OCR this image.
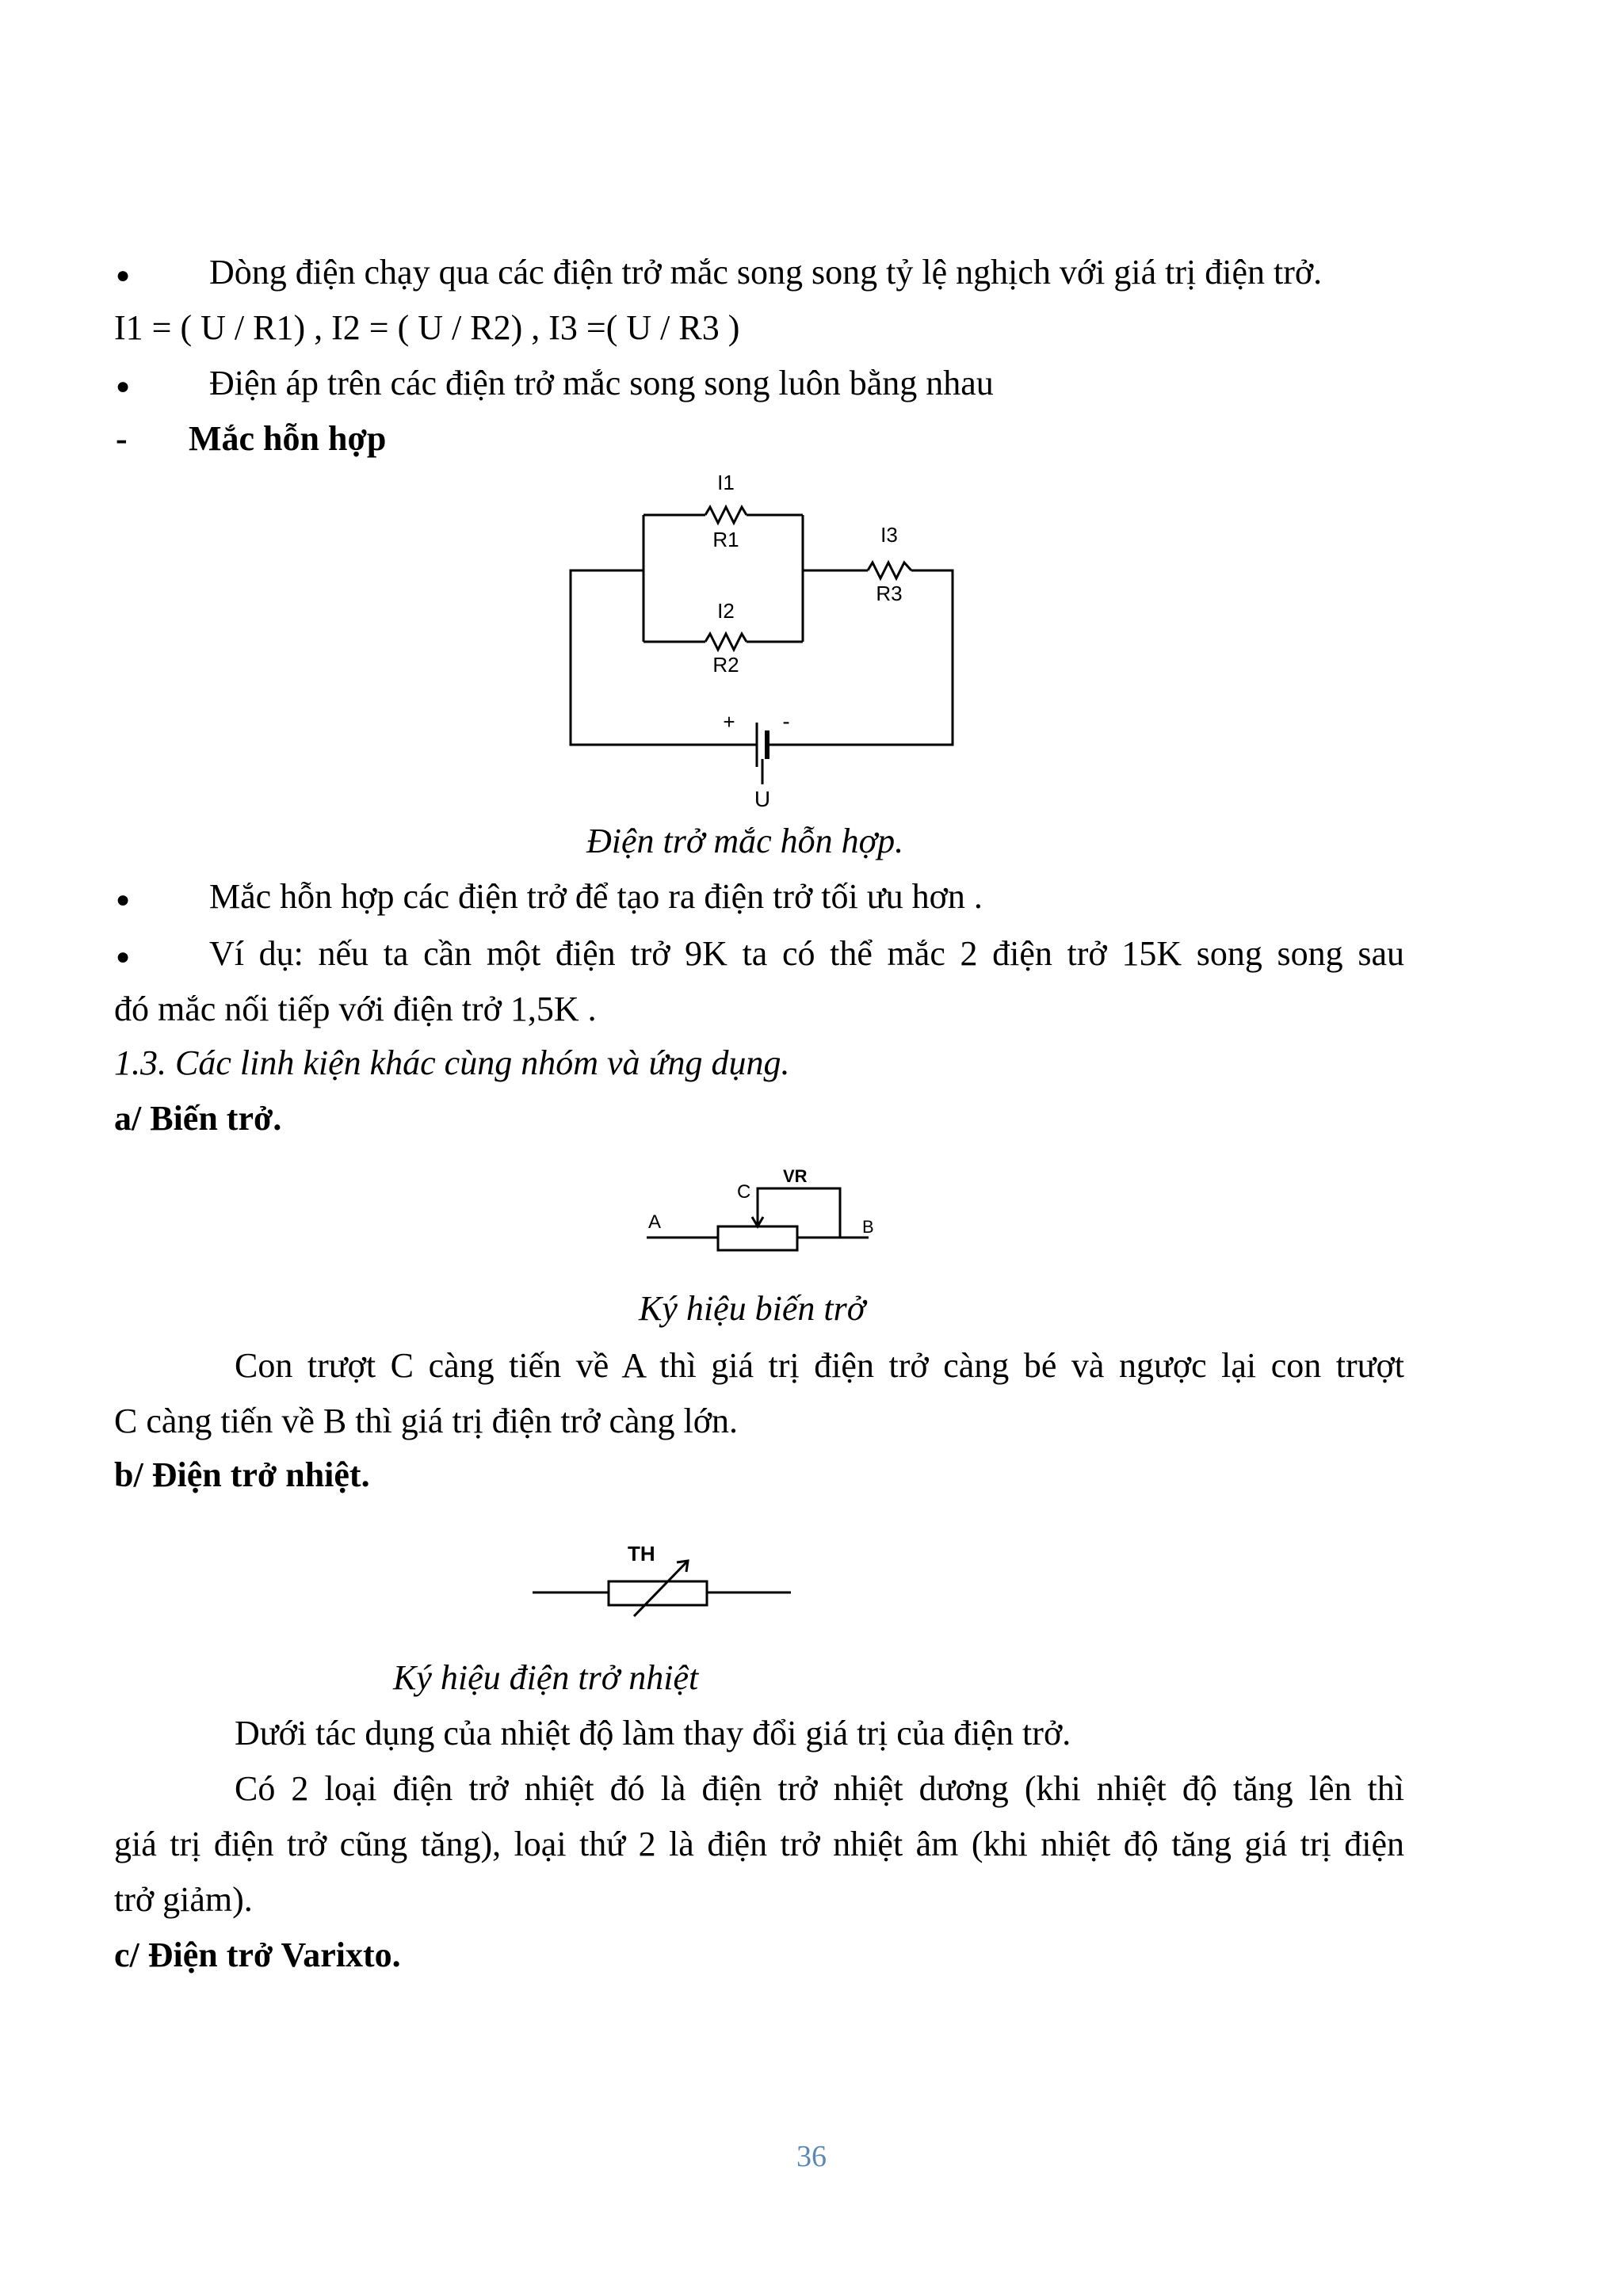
● Dòng điện chạy qua các điện trở mắc song song tỷ lệ nghịch với giá trị điện trở.
I1 = ( U / R1) , I2 = ( U / R2) , I3 =( U / R3 )
● Điện áp trên các điện trở mắc song song luôn bằng nhau
- Mắc hỗn hợp
I1
R1
I2
R2
I3
R3
+ -
U
Điện trở mắc hỗn hợp.
● Mắc hỗn hợp các điện trở để tạo ra điện trở tối ưu hơn .
● Ví dụ: nếu ta cần một điện trở 9K ta có thể mắc 2 điện trở 15K song song sau
đó mắc nối tiếp với điện trở 1,5K .
1.3. Các linh kiện khác cùng nhóm và ứng dụng.
a/ Biến trở.
A	B
C
VR
Ký hiệu biến trở
Con trượt C càng tiến về A thì giá trị điện trở càng bé và ngược lại con trượt
C càng tiến về B thì giá trị điện trở càng lớn.
b/ Điện trở nhiệt.
TH
Ký hiệu điện trở nhiệt
Dưới tác dụng của nhiệt độ làm thay đổi giá trị của điện trở.
Có 2 loại điện trở nhiệt đó là điện trở nhiệt dương (khi nhiệt độ tăng lên thì
giá trị điện trở cũng tăng), loại thứ 2 là điện trở nhiệt âm (khi nhiệt độ tăng giá trị điện
trở giảm).
c/ Điện trở Varixto.
36
